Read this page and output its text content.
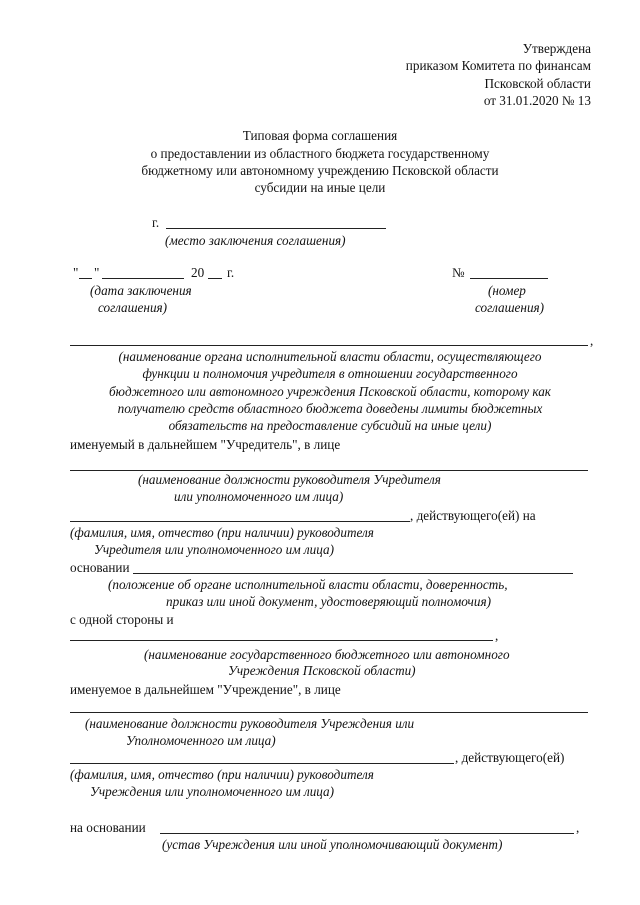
Утверждена
приказом Комитета по финансам
Псковской области
от 31.01.2020 № 13
Типовая форма соглашения
о предоставлении из областного бюджета государственному
бюджетному или автономному учреждению Псковской области
субсидии на иные цели
г.
(место заключения соглашения)
" "	20 г.
(дата заключения
соглашения)
№
(номер
соглашения)
,
(наименование органа исполнительной власти области, осуществляющего
функции и полномочия учредителя в отношении государственного
бюджетного или автономного учреждения Псковской области, которому как
получателю средств областного бюджета доведены лимиты бюджетных
обязательств на предоставление субсидий на иные цели)
именуемый в дальнейшем "Учредитель", в лице
(наименование должности руководителя Учредителя
или уполномоченного им лица)
, действующего(ей) на
(фамилия, имя, отчество (при наличии) руководителя
Учредителя или уполномоченного им лица)
основании
(положение об органе исполнительной власти области, доверенность,
приказ или иной документ, удостоверяющий полномочия)
с одной стороны и
,
(наименование государственного бюджетного или автономного
Учреждения Псковской области)
именуемое в дальнейшем "Учреждение", в лице
(наименование должности руководителя Учреждения или
Уполномоченного им лица)
, действующего(ей)
(фамилия, имя, отчество (при наличии) руководителя
Учреждения или уполномоченного им лица)
на основании	,
(устав Учреждения или иной уполномочивающий документ)
